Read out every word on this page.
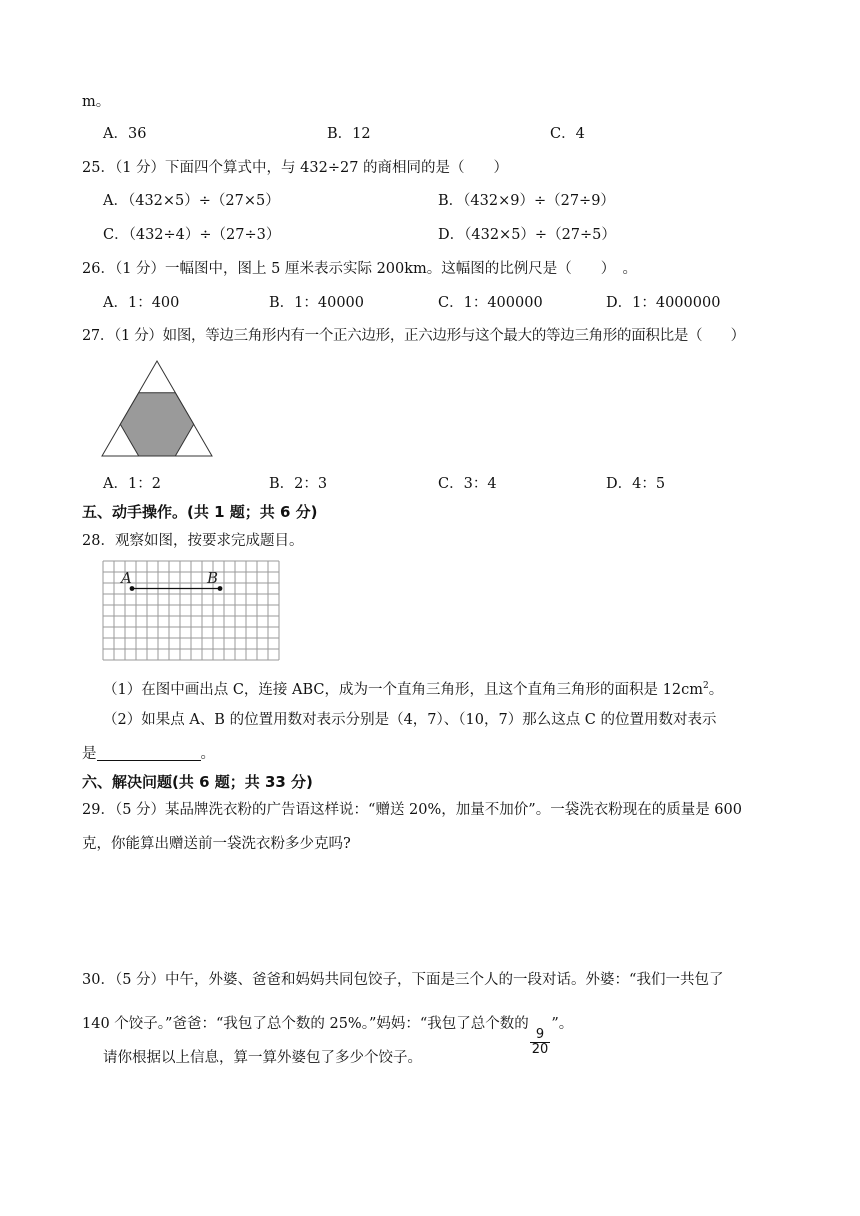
m。
A．36	B．12	C．4
25．（1 分）下面四个算式中，与 432÷27 的商相同的是（　　）
A．（432×5）÷（27×5）	B．（432×9）÷（27÷9）
C．（432÷4）÷（27÷3）	D．（432×5）÷（27÷5）
26．（1 分）一幅图中，图上 5 厘米表示实际 200km。这幅图的比例尺是（　　）　。
A．1：400	B．1：40000	C．1：400000	D．1：4000000
27．（1 分）如图，等边三角形内有一个正六边形，正六边形与这个最大的等边三角形的面积比是（　　）
A．1：2	B．2：3	C．3：4	D．4：5
五、动手操作。(共 1 题；共 6 分)
28．观察如图，按要求完成题目。
A	B
（1）在图中画出点 C，连接 ABC，成为一个直角三角形，且这个直角三角形的面积是 $12cm^2$。
（2）如果点 A、B 的位置用数对表示分别是（4，7）、（10，7）那么这点 C 的位置用数对表示
是	。
六、解决问题(共 6 题；共 33 分)
29．（5 分）某品牌洗衣粉的广告语这样说：“赠送 20%，加量不加价”。一袋洗衣粉现在的质量是 600
克，你能算出赠送前一袋洗衣粉多少克吗?
30．（5 分）中午，外婆、爸爸和妈妈共同包饺子，下面是三个人的一段对话。外婆：“我们一共包了
140 个饺子。”爸爸：“我包了总个数的 25%。”妈妈：“我包了总个数的
$\frac{9}{20}$
”。
请你根据以上信息，算一算外婆包了多少个饺子。
